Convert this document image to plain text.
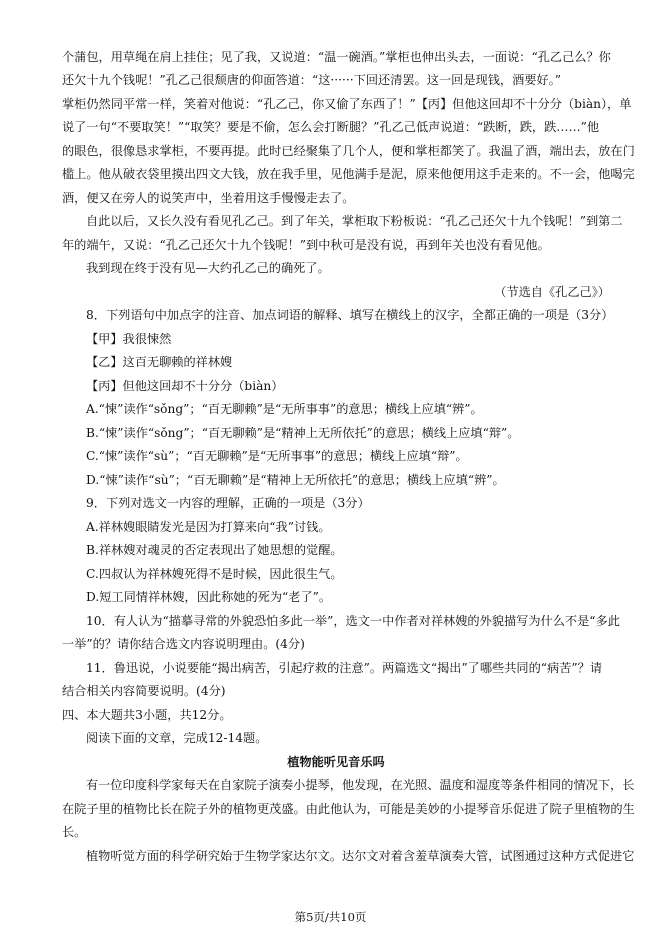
个蒲包，用草绳在肩上挂住；见了我，又说道：“温一碗酒。”掌柜也伸出头去，一面说：“孔乙己么？你
还欠十九个钱呢！”孔乙己很颓唐的仰面答道：“这······下回还清罢。这一回是现钱，酒要好。”
掌柜仍然同平常一样，笑着对他说：“孔乙己，你又偷了东西了！”【丙】但他这回却不十分分（biàn），单
说了一句“不要取笑！”“取笑？要是不偷，怎么会打断腿？”孔乙己低声说道：“跌断，跌，跌……”他
的眼色，很像恳求掌柜，不要再提。此时已经聚集了几个人，便和掌柜都笑了。我温了酒，端出去，放在门
槛上。他从破衣袋里摸出四文大钱，放在我手里，见他满手是泥，原来他便用这手走来的。不一会，他喝完
酒，便又在旁人的说笑声中，坐着用这手慢慢走去了。
自此以后，又长久没有看见孔乙己。到了年关，掌柜取下粉板说：“孔乙己还欠十九个钱呢！”到第二
年的端午，又说：“孔乙己还欠十九个钱呢！”到中秋可是没有说，再到年关也没有看见他。
我到现在终于没有见—大约孔乙己的确死了。
（节选自《孔乙己》）
8．下列语句中加点字的注音、加点词语的解释、填写在横线上的汉字，全都正确的一项是（3分）
【甲】我很悚然
【乙】这百无聊赖的祥林嫂
【丙】但他这回却不十分分（biàn）
A.“悚”读作“sǒng”；“百无聊赖”是“无所事事”的意思；横线上应填“辨”。
B.“悚”读作“sǒng”；“百无聊赖”是“精神上无所依托”的意思；横线上应填“辩”。
C.“悚”读作“sù”；“百无聊赖”是“无所事事”的意思；横线上应填“辩”。
D.“悚”读作“sù”；“百无聊赖”是“精神上无所依托”的意思；横线上应填“辨”。
9．下列对选文一内容的理解，正确的一项是（3分）
A.祥林嫂眼睛发光是因为打算来向“我”讨钱。
B.祥林嫂对魂灵的否定表现出了她思想的觉醒。
C.四叔认为祥林嫂死得不是时候，因此很生气。
D.短工同情祥林嫂，因此称她的死为“老了”。
10．有人认为“描摹寻常的外貌恐怕多此一举”，选文一中作者对祥林嫂的外貌描写为什么不是“多此
一举”的？请你结合选文内容说明理由。(4分)
11．鲁迅说，小说要能“揭出病苦，引起疗救的注意”。两篇选文“揭出”了哪些共同的“病苦”？请
结合相关内容简要说明。(4分)
四、本大题共3小题，共12分。
阅读下面的文章，完成12-14题。
植物能听见音乐吗
有一位印度科学家每天在自家院子演奏小提琴，他发现，在光照、温度和湿度等条件相同的情况下，长
在院子里的植物比长在院子外的植物更茂盛。由此他认为，可能是美妙的小提琴音乐促进了院子里植物的生
长。
植物听觉方面的科学研究始于生物学家达尔文。达尔文对着含羞草演奏大管，试图通过这种方式促进它
第5页/共10页
